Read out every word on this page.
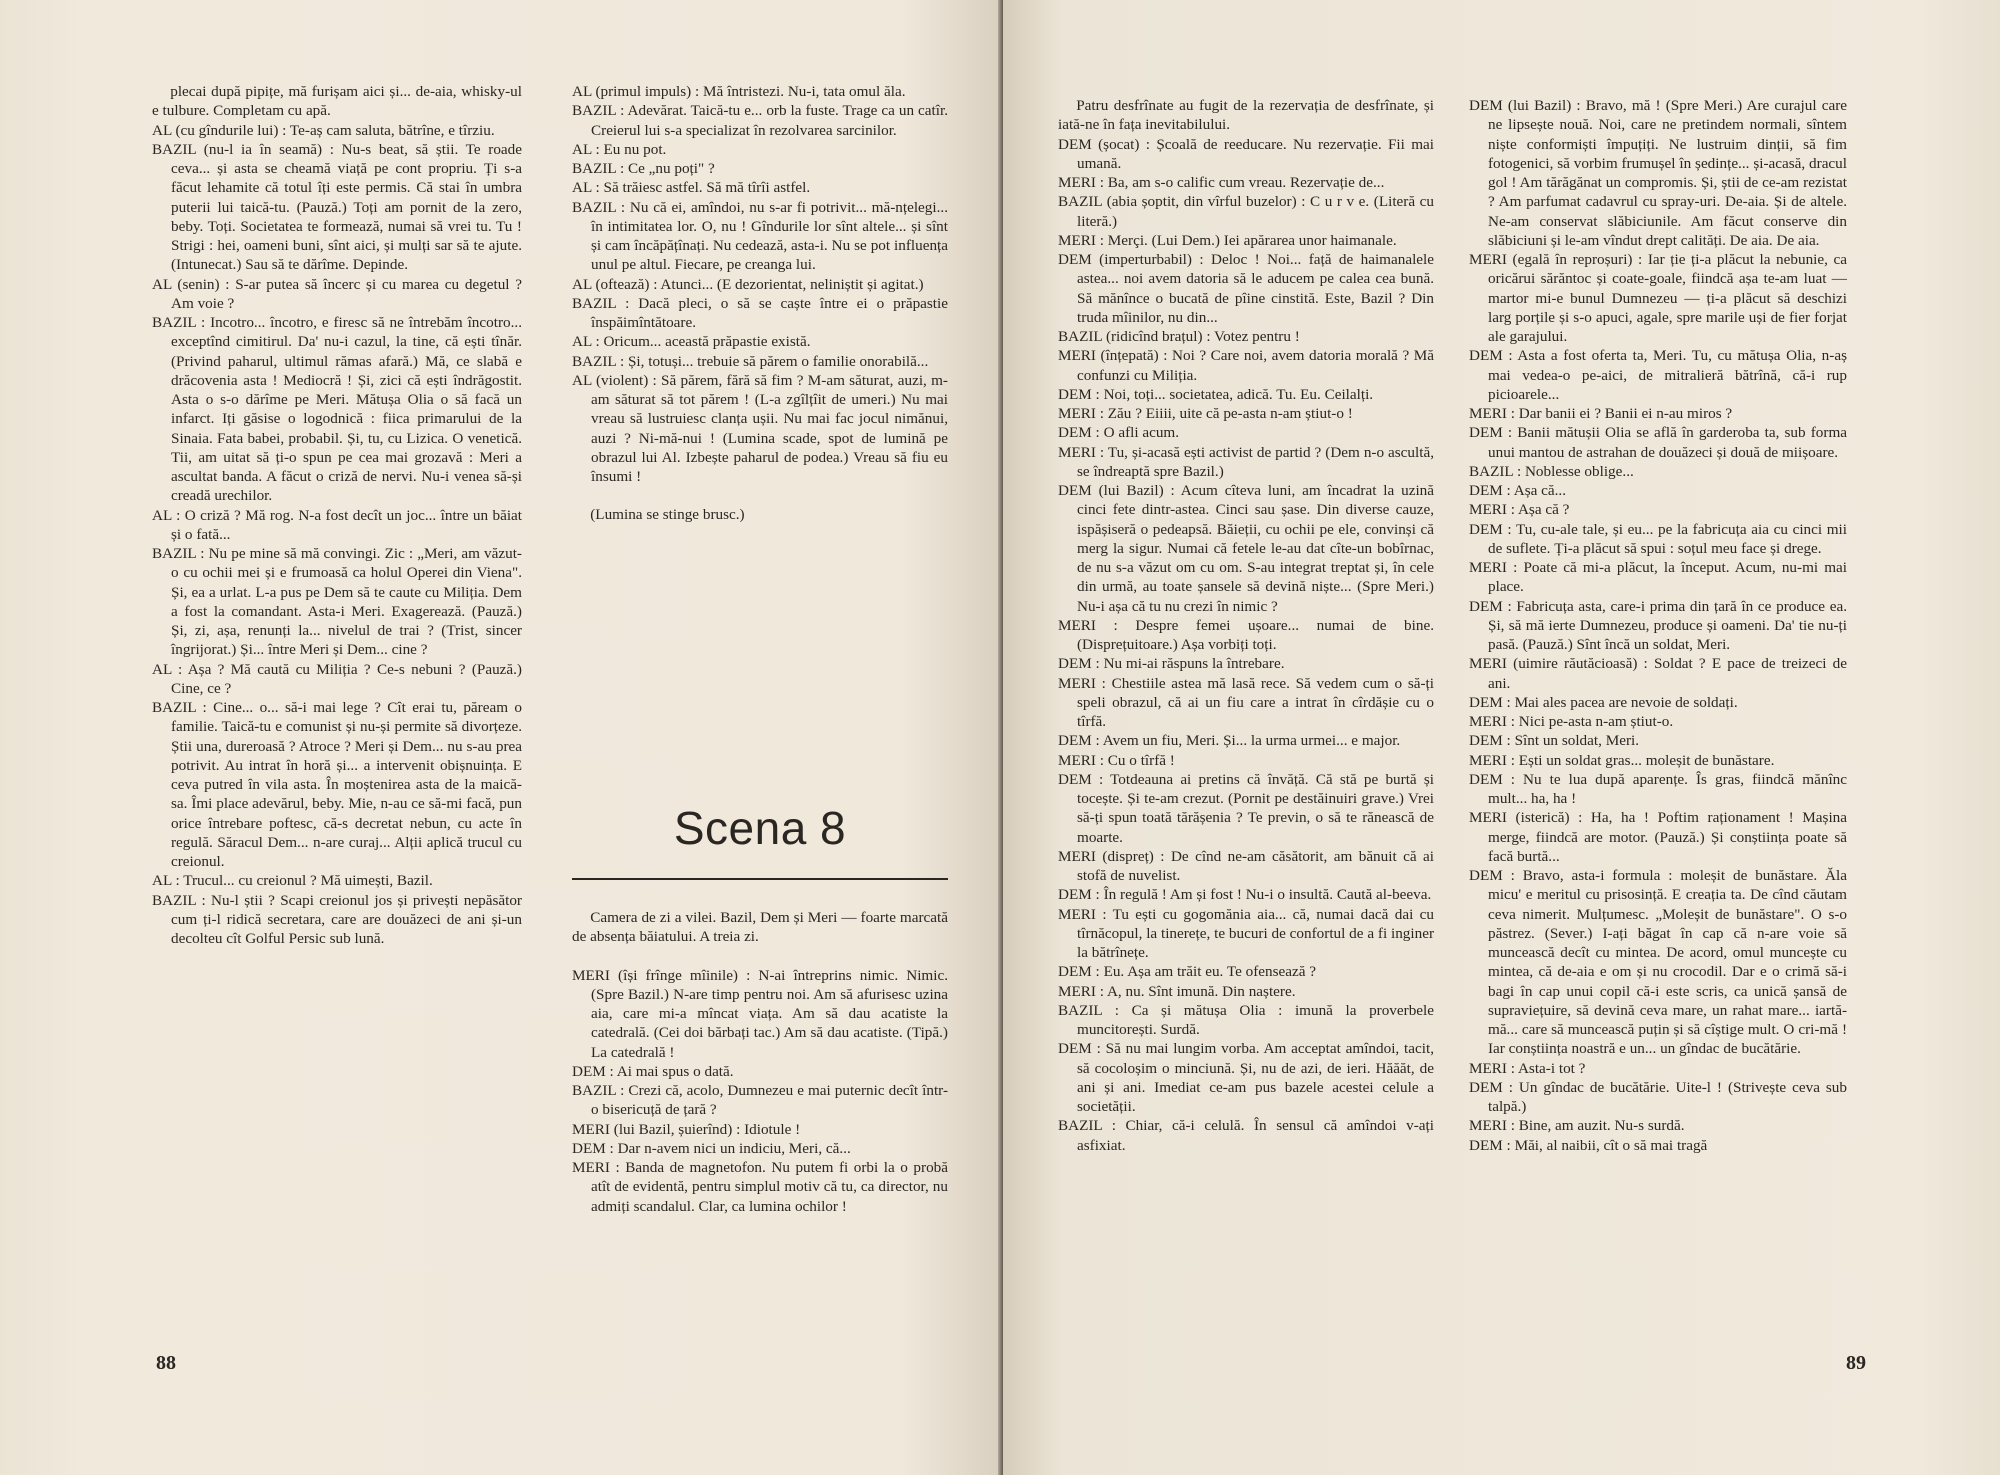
plecai după pipițe, mă furișam aici și... de-aia, whisky-ul e tulbure. Completam cu apă.

AL (cu gîndurile lui) : Te-aș cam saluta, bătrîne, e tîrziu.

BAZIL (nu-l ia în seamă) : Nu-s beat, să știi. Te roade ceva... și asta se cheamă viață pe cont propriu. Ți s-a făcut lehamite că totul îți este permis. Că stai în umbra puterii lui taică-tu. (Pauză.) Toți am pornit de la zero, beby. Toți. Societatea te formează, numai să vrei tu. Tu ! Strigi : hei, oameni buni, sînt aici, și mulți sar să te ajute. (Intunecat.) Sau să te dărîme. Depinde.

AL (senin) : S-ar putea să încerc și cu marea cu degetul ? Am voie ?

BAZIL : Incotro... încotro, e firesc să ne întrebăm încotro... exceptînd cimitirul. Da' nu-i cazul, la tine, că ești tînăr. (Privind paharul, ultimul rămas afară.) Mă, ce slabă e drăcovenia asta ! Mediocră ! Și, zici că ești îndrăgostit. Asta o s-o dărîme pe Meri. Mătușa Olia o să facă un infarct. Iți găsise o logodnică : fiica primarului de la Sinaia. Fata babei, probabil. Și, tu, cu Lizica. O venetică. Tii, am uitat să ți-o spun pe cea mai grozavă : Meri a ascultat banda. A făcut o criză de nervi. Nu-i venea să-și creadă urechilor.

AL : O criză ? Mă rog. N-a fost decît un joc... între un băiat și o fată...

BAZIL : Nu pe mine să mă convingi. Zic : „Meri, am văzut-o cu ochii mei și e frumoasă ca holul Operei din Viena". Și, ea a urlat. L-a pus pe Dem să te caute cu Miliția. Dem a fost la comandant. Asta-i Meri. Exagerează. (Pauză.) Și, zi, așa, renunți la... nivelul de trai ? (Trist, sincer îngrijorat.) Și... între Meri și Dem... cine ?

AL : Așa ? Mă caută cu Miliția ? Ce-s nebuni ? (Pauză.) Cine, ce ?

BAZIL : Cine... o... să-i mai lege ? Cît erai tu, păream o familie. Taică-tu e comunist și nu-și permite să divorțeze. Știi una, dureroasă ? Atroce ? Meri și Dem... nu s-au prea potrivit. Au intrat în horă și... a intervenit obișnuința. E ceva putred în vila asta. În moștenirea asta de la maică-sa. Îmi place adevărul, beby. Mie, n-au ce să-mi facă, pun orice întrebare poftesc, că-s decretat nebun, cu acte în regulă. Săracul Dem... n-are curaj... Alții aplică trucul cu creionul.

AL : Trucul... cu creionul ? Mă uimești, Bazil.

BAZIL : Nu-l știi ? Scapi creionul jos și privești nepăsător cum ți-l ridică secretara, care are douăzeci de ani și-un decolteu cît Golful Persic sub lună.

AL (primul impuls) : Mă întristezi. Nu-i, tata omul ăla.

BAZIL : Adevărat. Taică-tu e... orb la fuste. Trage ca un catîr. Creierul lui s-a specializat în rezolvarea sarcinilor.

AL : Eu nu pot.

BAZIL : Ce „nu poți" ?

AL : Să trăiesc astfel. Să mă tîrîi astfel.

BAZIL : Nu că ei, amîndoi, nu s-ar fi potrivit... mă-nțelegi... în intimitatea lor. O, nu ! Gîndurile lor sînt altele... și sînt și cam încăpățînați. Nu cedează, asta-i. Nu se pot influența unul pe altul. Fiecare, pe creanga lui.

AL (oftează) : Atunci... (E dezorientat, neliniștit și agitat.)

BAZIL : Dacă pleci, o să se caște între ei o prăpastie înspăimîntătoare.

AL : Oricum... această prăpastie există.

BAZIL : Și, totuși... trebuie să părem o familie onorabilă...

AL (violent) : Să părem, fără să fim ? M-am săturat, auzi, m-am săturat să tot părem ! (L-a zgîlțîit de umeri.) Nu mai vreau să lustruiesc clanța ușii. Nu mai fac jocul nimănui, auzi ? Ni-mă-nui ! (Lumina scade, spot de lumină pe obrazul lui Al. Izbește paharul de podea.) Vreau să fiu eu însumi !

(Lumina se stinge brusc.)

Scena 8

Camera de zi a vilei. Bazil, Dem și Meri — foarte marcată de absența băiatului. A treia zi.

MERI (își frînge mîinile) : N-ai întreprins nimic. Nimic. (Spre Bazil.) N-are timp pentru noi. Am să afurisesc uzina aia, care mi-a mîncat viața. Am să dau acatiste la catedrală. (Cei doi bărbați tac.) Am să dau acatiste. (Tipă.) La catedrală !

DEM : Ai mai spus o dată.

BAZIL : Crezi că, acolo, Dumnezeu e mai puternic decît într-o bisericuță de țară ?

MERI (lui Bazil, șuierînd) : Idiotule !

DEM : Dar n-avem nici un indiciu, Meri, că...

MERI : Banda de magnetofon. Nu putem fi orbi la o probă atît de evidentă, pentru simplul motiv că tu, ca director, nu admiți scandalul. Clar, ca lumina ochilor !

88

Patru desfrînate au fugit de la rezervația de desfrînate, și iată-ne în fața inevitabilului.

DEM (șocat) : Școală de reeducare. Nu rezervație. Fii mai umană.

MERI : Ba, am s-o calific cum vreau. Rezervație de...

BAZIL (abia șoptit, din vîrful buzelor) : C u r v e. (Literă cu literă.)

MERI : Merçi. (Lui Dem.) Iei apărarea unor haimanale.

DEM (imperturbabil) : Deloc ! Noi... față de haimanalele astea... noi avem datoria să le aducem pe calea cea bună. Să mănînce o bucată de pîine cinstită. Este, Bazil ? Din truda mîinilor, nu din...

BAZIL (ridicînd brațul) : Votez pentru !

MERI (înțepată) : Noi ? Care noi, avem datoria morală ? Mă confunzi cu Miliția.

DEM : Noi, toți... societatea, adică. Tu. Eu. Ceilalți.

MERI : Zău ? Eiiii, uite că pe-asta n-am știut-o !

DEM : O afli acum.

MERI : Tu, și-acasă ești activist de partid ? (Dem n-o ascultă, se îndreaptă spre Bazil.)

DEM (lui Bazil) : Acum cîteva luni, am încadrat la uzină cinci fete dintr-astea. Cinci sau șase. Din diverse cauze, ispășiseră o pedeapsă. Băieții, cu ochii pe ele, convinși că merg la sigur. Numai că fetele le-au dat cîte-un bobîrnac, de nu s-a văzut om cu om. S-au integrat treptat și, în cele din urmă, au toate șansele să devină niște... (Spre Meri.) Nu-i așa că tu nu crezi în nimic ?

MERI : Despre femei ușoare... numai de bine. (Disprețuitoare.) Așa vorbiți toți.

DEM : Nu mi-ai răspuns la întrebare.

MERI : Chestiile astea mă lasă rece. Să vedem cum o să-ți speli obrazul, că ai un fiu care a intrat în cîrdășie cu o tîrfă.

DEM : Avem un fiu, Meri. Și... la urma urmei... e major.

MERI : Cu o tîrfă !

DEM : Totdeauna ai pretins că învăță. Că stă pe burtă și tocește. Și te-am crezut. (Pornit pe destăinuiri grave.) Vrei să-ți spun toată tărășenia ? Te previn, o să te rănească de moarte.

MERI (dispreț) : De cînd ne-am căsătorit, am bănuit că ai stofă de nuvelist.

DEM : În regulă ! Am și fost ! Nu-i o insultă. Caută al-beeva.

MERI : Tu ești cu gogomănia aia... că, numai dacă dai cu tîrnăcopul, la tinerețe, te bucuri de confortul de a fi inginer la bătrînețe.

DEM : Eu. Așa am trăit eu. Te ofensează ?

MERI : A, nu. Sînt imună. Din naștere.

BAZIL : Ca și mătușa Olia : imună la proverbele muncitorești. Surdă.

DEM : Să nu mai lungim vorba. Am acceptat amîndoi, tacit, să cocoloșim o minciună. Și, nu de azi, de ieri. Hăăăt, de ani și ani. Imediat ce-am pus bazele acestei celule a societății.

BAZIL : Chiar, că-i celulă. În sensul că amîndoi v-ați asfixiat.

DEM (lui Bazil) : Bravo, mă ! (Spre Meri.) Are curajul care ne lipsește nouă. Noi, care ne pretindem normali, sîntem niște conformiști împuțiți. Ne lustruim dinții, să fim fotogenici, să vorbim frumușel în ședințe... și-acasă, dracul gol ! Am tărăgănat un compromis. Și, știi de ce-am rezistat ? Am parfumat cadavrul cu spray-uri. De-aia. Și de altele. Ne-am conservat slăbiciunile. Am făcut conserve din slăbiciuni și le-am vîndut drept calități. De aia. De aia.

MERI (egală în reproșuri) : Iar ție ți-a plăcut la nebunie, ca oricărui sărăntoc și coate-goale, fiindcă așa te-am luat — martor mi-e bunul Dumnezeu — ți-a plăcut să deschizi larg porțile și s-o apuci, agale, spre marile uși de fier forjat ale garajului.

DEM : Asta a fost oferta ta, Meri. Tu, cu mătușa Olia, n-aș mai vedea-o pe-aici, de mitralieră bătrînă, că-i rup picioarele...

MERI : Dar banii ei ? Banii ei n-au miros ?

DEM : Banii mătușii Olia se află în garderoba ta, sub forma unui mantou de astrahan de douăzeci și două de miișoare.

BAZIL : Noblesse oblige...

DEM : Așa că...

MERI : Așa că ?

DEM : Tu, cu-ale tale, și eu... pe la fabricuța aia cu cinci mii de suflete. Ți-a plăcut să spui : soțul meu face și drege.

MERI : Poate că mi-a plăcut, la început. Acum, nu-mi mai place.

DEM : Fabricuța asta, care-i prima din țară în ce produce ea. Și, să mă ierte Dumnezeu, produce și oameni. Da' tie nu-ți pasă. (Pauză.) Sînt încă un soldat, Meri.

MERI (uimire răutăcioasă) : Soldat ? E pace de treizeci de ani.

DEM : Mai ales pacea are nevoie de soldați.

MERI : Nici pe-asta n-am știut-o.

DEM : Sînt un soldat, Meri.

MERI : Ești un soldat gras... moleșit de bunăstare.

DEM : Nu te lua după aparențe. Îs gras, fiindcă mănînc mult... ha, ha !

MERI (isterică) : Ha, ha ! Poftim raționament ! Mașina merge, fiindcă are motor. (Pauză.) Și conștiința poate să facă burtă...

DEM : Bravo, asta-i formula : moleșit de bunăstare. Ăla micu' e meritul cu prisosință. E creația ta. De cînd căutam ceva nimerit. Mulțumesc. „Moleșit de bunăstare". O s-o păstrez. (Sever.) I-ați băgat în cap că n-are voie să muncească decît cu mintea. De acord, omul muncește cu mintea, că de-aia e om și nu crocodil. Dar e o crimă să-i bagi în cap unui copil că-i este scris, ca unică șansă de supraviețuire, să devină ceva mare, un rahat mare... iartă-mă... care să muncească puțin și să cîștige mult. O cri-mă ! Iar conștiința noastră e un... un gîndac de bucătărie.

MERI : Asta-i tot ?

DEM : Un gîndac de bucătărie. Uite-l ! (Strivește ceva sub talpă.)

MERI : Bine, am auzit. Nu-s surdă.

DEM : Măi, al naibii, cît o să mai tragă

89
